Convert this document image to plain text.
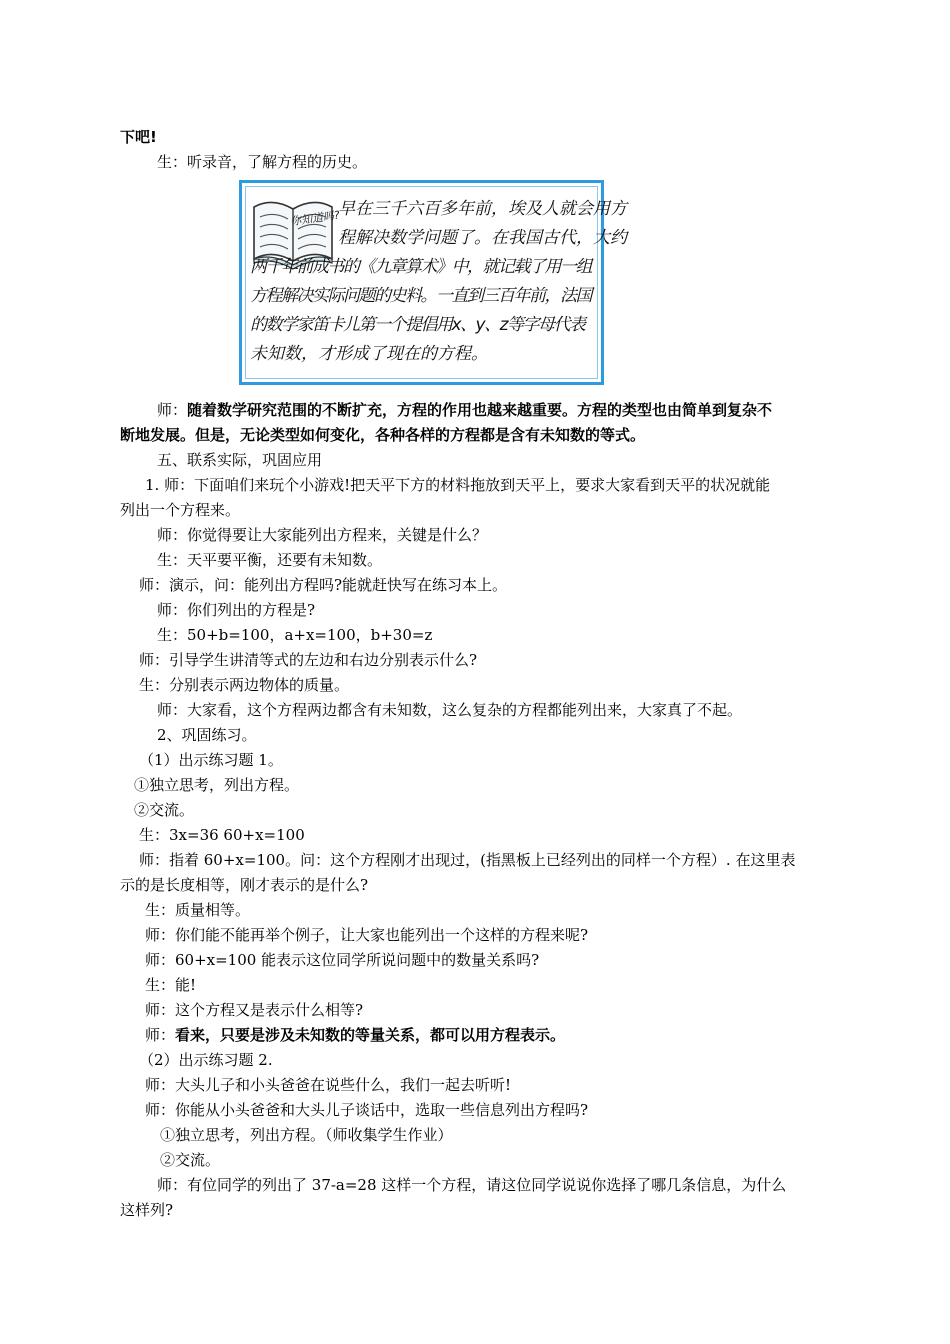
下吧!
生：听录音，了解方程的历史。
你知道吗?
早在三千六百多年前，埃及人就会用方
程解决数学问题了。在我国古代，大约
两千年前成书的《九章算术》中，就记载了用一组
方程解决实际问题的史料。一直到三百年前，法国
的数学家笛卡儿第一个提倡用x、y、z等字母代表
未知数，才形成了现在的方程。
师：随着数学研究范围的不断扩充，方程的作用也越来越重要。方程的类型也由简单到复杂不
断地发展。但是，无论类型如何变化，各种各样的方程都是含有未知数的等式。
五、联系实际，巩固应用
1. 师：下面咱们来玩个小游戏!把天平下方的材料拖放到天平上，要求大家看到天平的状况就能
列出一个方程来。
师：你觉得要让大家能列出方程来，关键是什么？
生：天平要平衡，还要有未知数。
师：演示，问：能列出方程吗?能就赶快写在练习本上。
师：你们列出的方程是?
生：50+b=100，a+x=100，b+30=z
师：引导学生讲清等式的左边和右边分别表示什么?
生：分别表示两边物体的质量。
师：大家看，这个方程两边都含有未知数，这么复杂的方程都能列出来，大家真了不起。
2、巩固练习。
（1）出示练习题 1。
①独立思考，列出方程。
②交流。
生：3x=36 60+x=100
师：指着 60+x=100。问：这个方程刚才出现过，(指黑板上已经列出的同样一个方程）. 在这里表
示的是长度相等，刚才表示的是什么?
生：质量相等。
师：你们能不能再举个例子，让大家也能列出一个这样的方程来呢?
师：60+x=100 能表示这位同学所说问题中的数量关系吗?
生：能!
师：这个方程又是表示什么相等?
师：看来，只要是涉及未知数的等量关系，都可以用方程表示。
（2）出示练习题 2.
师：大头儿子和小头爸爸在说些什么，我们一起去听听!
师：你能从小头爸爸和大头儿子谈话中，选取一些信息列出方程吗?
①独立思考，列出方程。（师收集学生作业）
②交流。
师：有位同学的列出了 37-a=28 这样一个方程，请这位同学说说你选择了哪几条信息，为什么
这样列?
